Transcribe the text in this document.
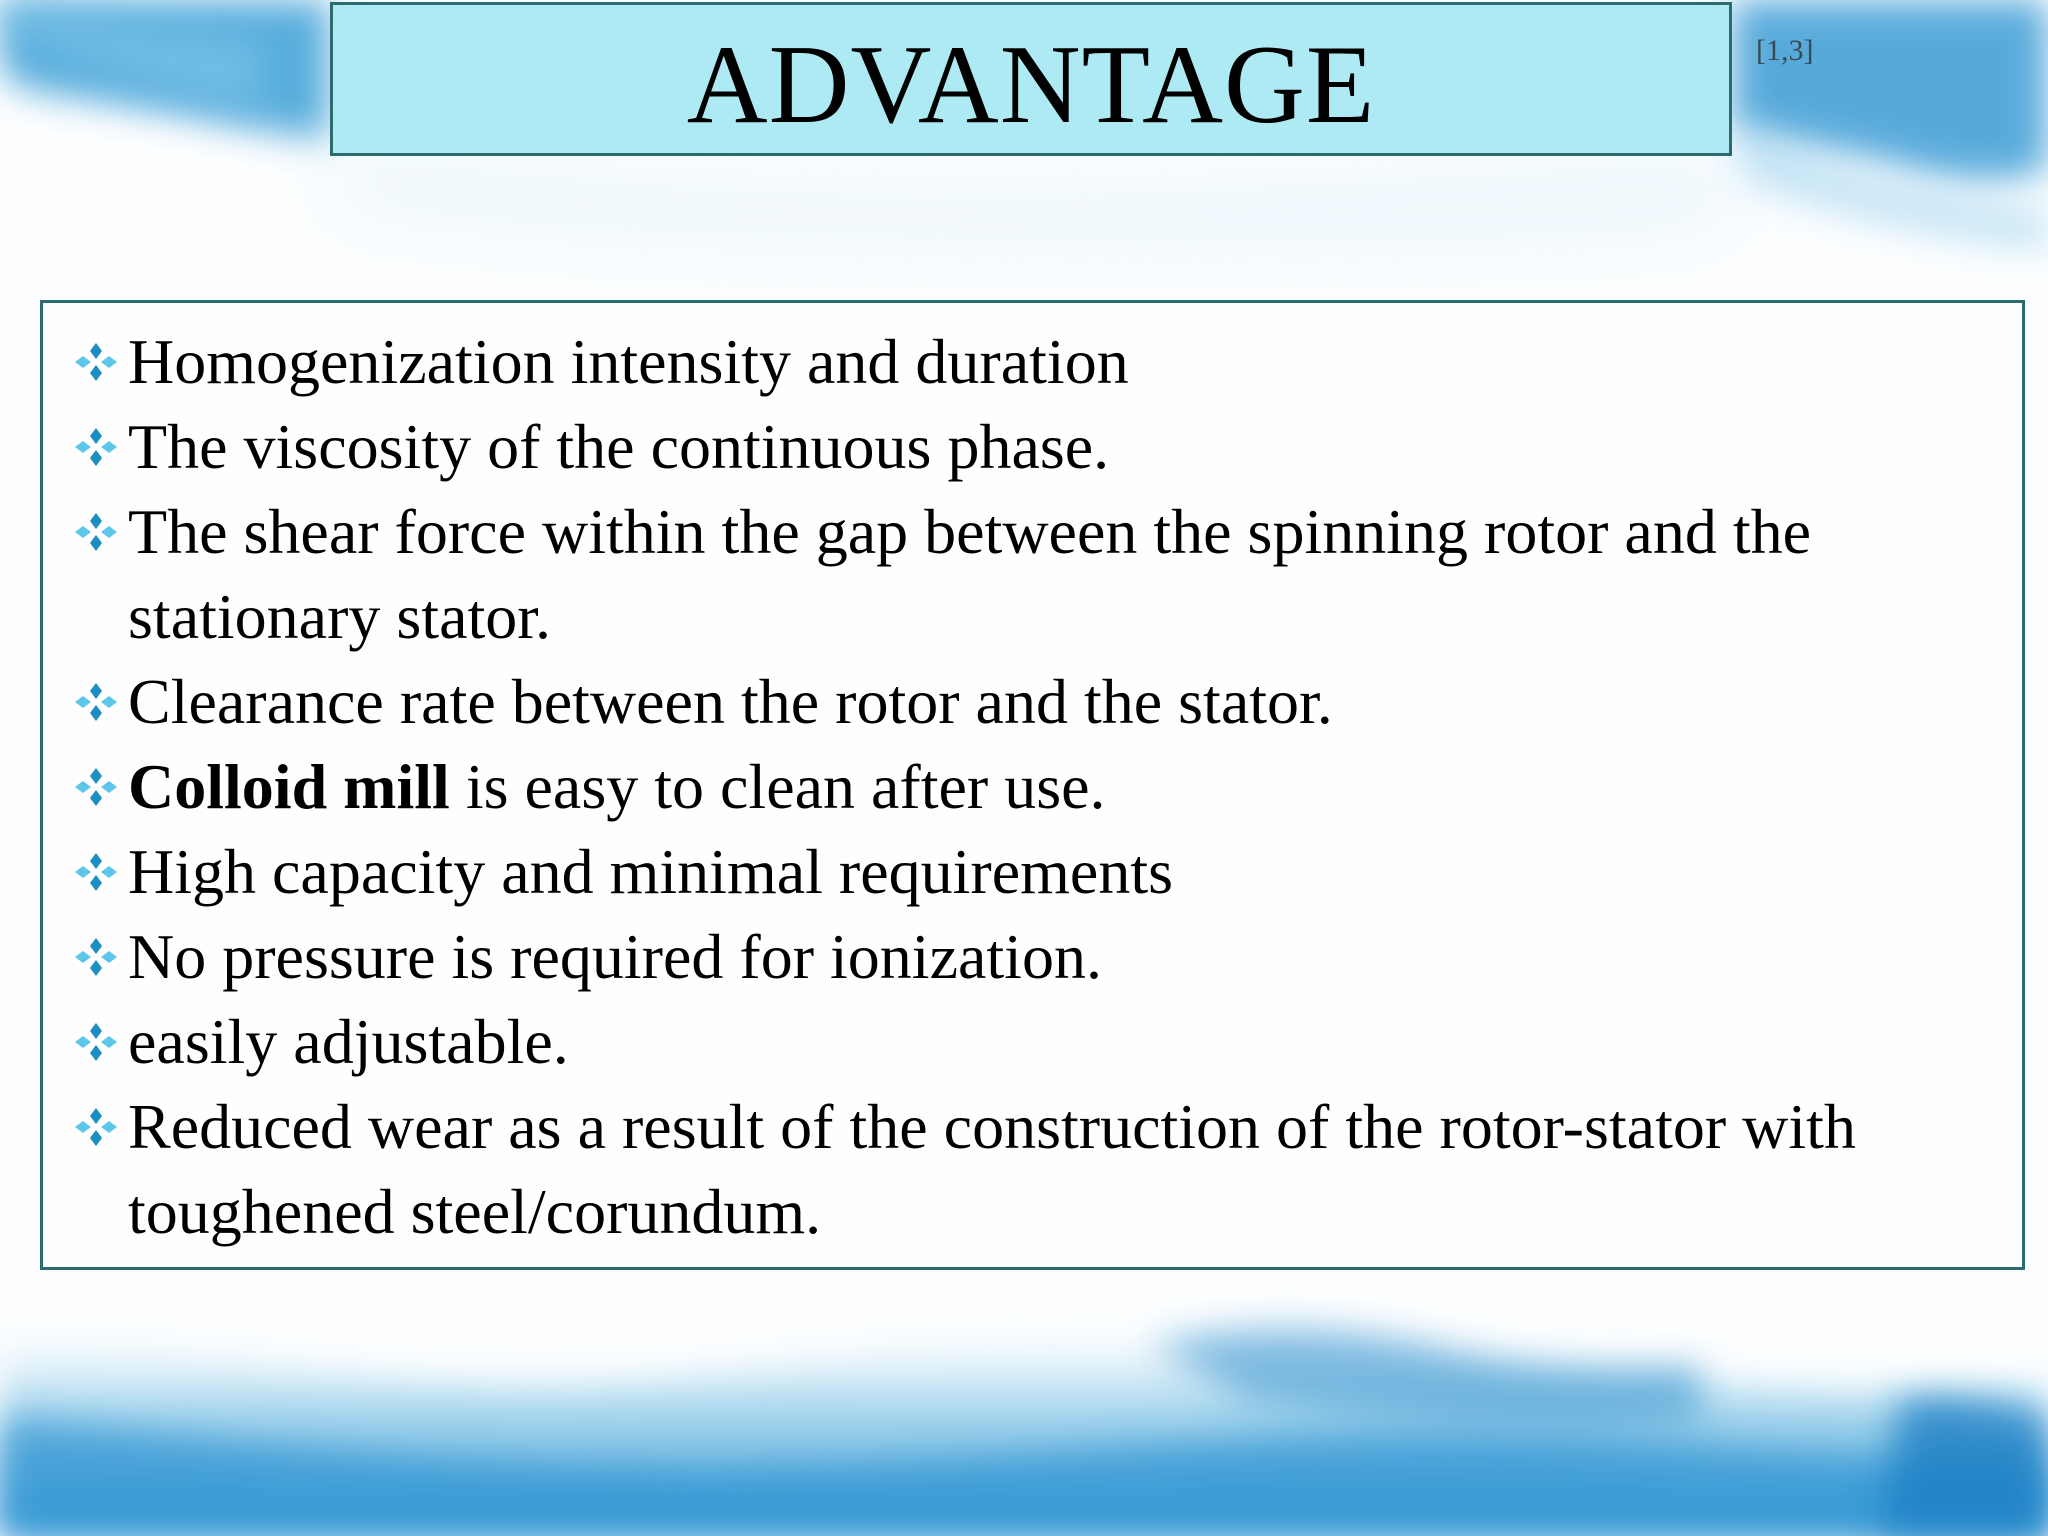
ADVANTAGE	[1,3]
Homogenization intensity and duration
The viscosity of the continuous phase.
The shear force within the gap between the spinning rotor and the stationary stator.
Clearance rate between the rotor and the stator.
Colloid mill is easy to clean after use.
High capacity and minimal requirements
No pressure is required for ionization.
easily adjustable.
Reduced wear as a result of the construction of the rotor-stator with toughened steel/corundum.
